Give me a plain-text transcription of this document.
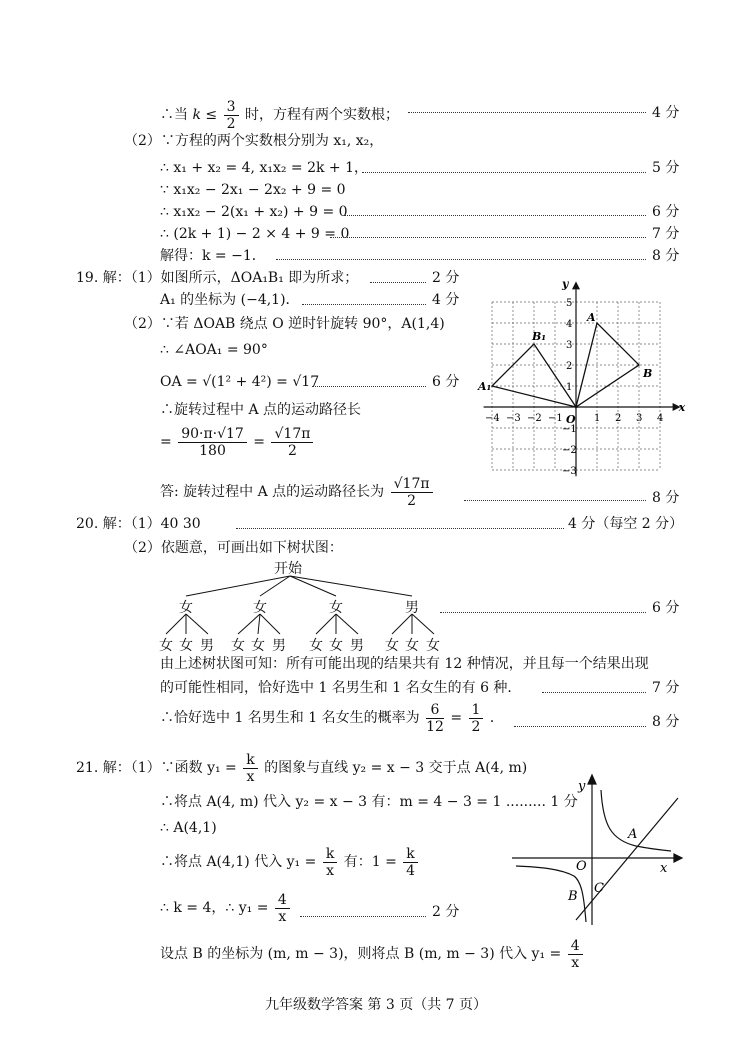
∴当 $k \le \frac{3}{2}$ 时，方程有两个实数根；	4 分
（2）∵方程的两个实数根分别为 x₁, x₂，
∴ x₁ + x₂ = 4, x₁x₂ = 2k + 1，	5 分
∵ x₁x₂ − 2x₁ − 2x₂ + 9 = 0
∴ x₁x₂ − 2(x₁ + x₂) + 9 = 0	6 分
∴ (2k + 1) − 2 × 4 + 9 = 0	7 分
解得：k = −1．	8 分
19. 解：（1）如图所示，ΔOA₁B₁ 即为所求；	2 分
A₁ 的坐标为 (−4,1)．	4 分
（2）∵若 ΔOAB 绕点 O 逆时针旋转 90°，A(1,4)
∴ ∠AOA₁ = 90°
OA = √(1² + 4²) = √17	6 分
∴旋转过程中 A 点的运动路径长
= $\frac{90\cdot\pi\cdot√17}{180} = \frac{√17\pi}{2}$
答: 旋转过程中 A 点的运动路径长为 $\frac{√17\pi}{2}$	8 分
−4 −3 −2 −1	1 2 3 4
5
4
3
2
1
−1
−2
−3
x
y
O
A
B
A₁
B₁
20. 解：（1）40 30	4 分（每空 2 分）
（2）依题意，可画出如下树状图：
开始
女	女	女	男
女 女 男 女 女 男 女 女 男 女 女 女
6 分
由上述树状图可知：所有可能出现的结果共有 12 种情况，并且每一个结果出现
的可能性相同，恰好选中 1 名男生和 1 名女生的有 6 种．	7 分
∴恰好选中 1 名男生和 1 名女生的概率为 $\frac{6}{12} = \frac{1}{2}$ ．	8 分
21. 解：（1）∵函数 $y_1 = \frac{k}{x}$ 的图象与直线 y₂ = x − 3 交于点 A(4, m)
∴将点 A(4, m) 代入 y₂ = x − 3 有：m = 4 − 3 = 1 ......... 1 分
∴ A(4,1)
∴将点 A(4,1) 代入 $y_1 = \frac{k}{x}$ 有：$1 = \frac{k}{4}$
∴ k = 4，∴ $y_1 = \frac{4}{x}$	2 分
设点 B 的坐标为 (m, m − 3)，则将点 B (m, m − 3) 代入 $y_1 = \frac{4}{x}$
y
x
O
A
B
C
九年级数学答案 第 3 页（共 7 页）
